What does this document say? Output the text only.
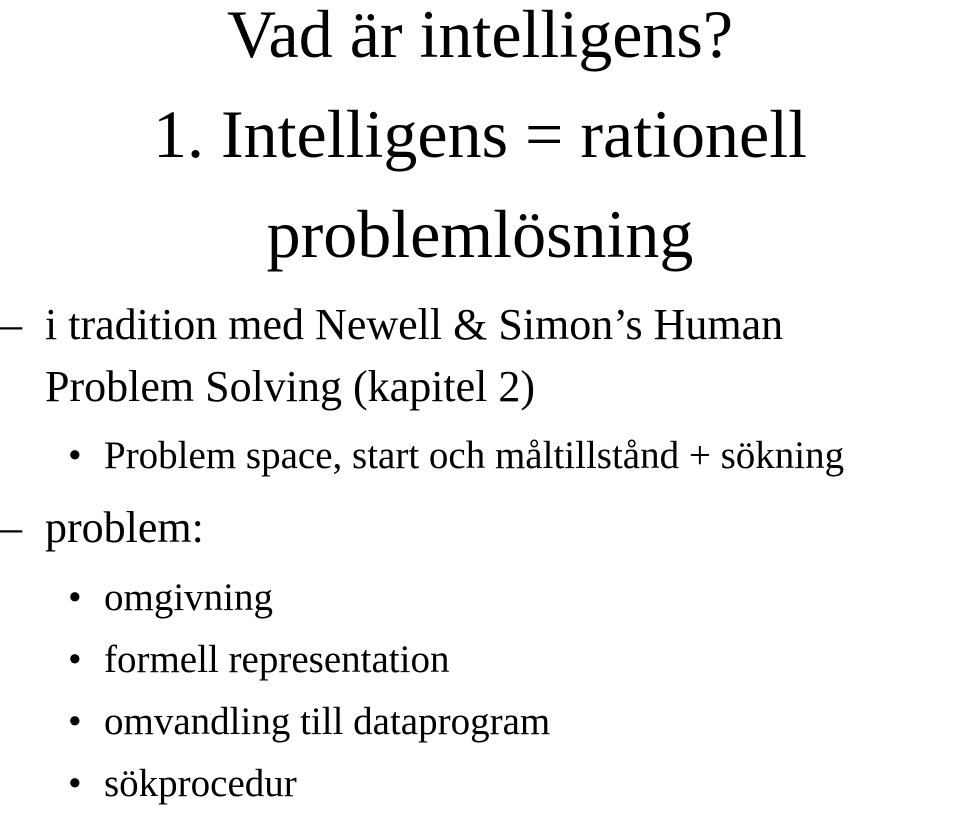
Vad är intelligens?
1. Intelligens = rationell
problemlösning
– i tradition med Newell & Simon’s Human
Problem Solving (kapitel 2)
• Problem space, start och måltillstånd + sökning
– problem:
• omgivning
• formell representation
• omvandling till dataprogram
• sökprocedur
